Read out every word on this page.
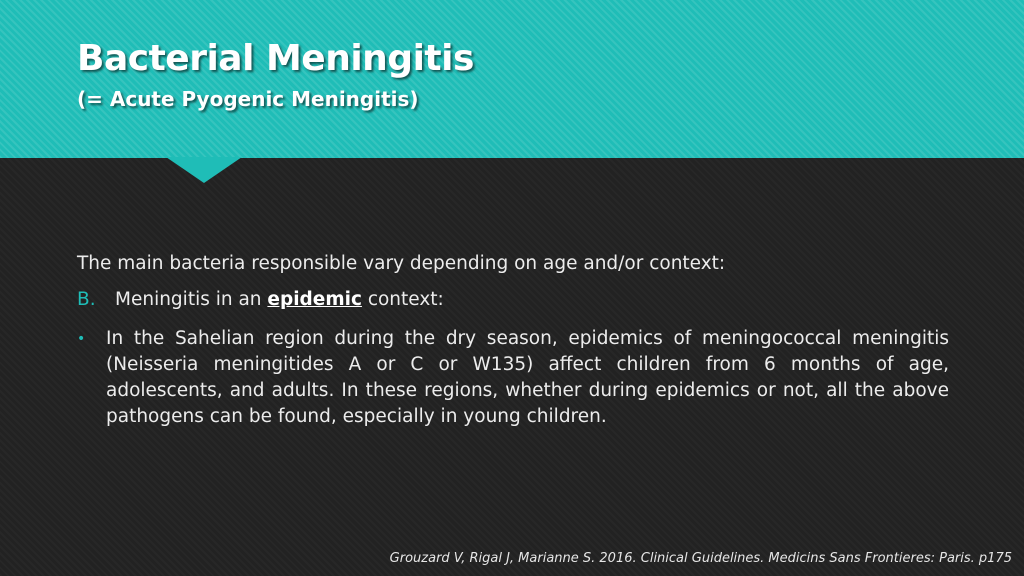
Bacterial Meningitis
(= Acute Pyogenic Meningitis)
The main bacteria responsible vary depending on age and/or context:
B. Meningitis in an epidemic context:
• In the Sahelian region during the dry season, epidemics of meningococcal meningitis (Neisseria meningitides A or C or W135) affect children from 6 months of age, adolescents, and adults. In these regions, whether during epidemics or not, all the above pathogens can be found, especially in young children.
Grouzard V, Rigal J, Marianne S. 2016. Clinical Guidelines. Medicins Sans Frontieres: Paris. p175
